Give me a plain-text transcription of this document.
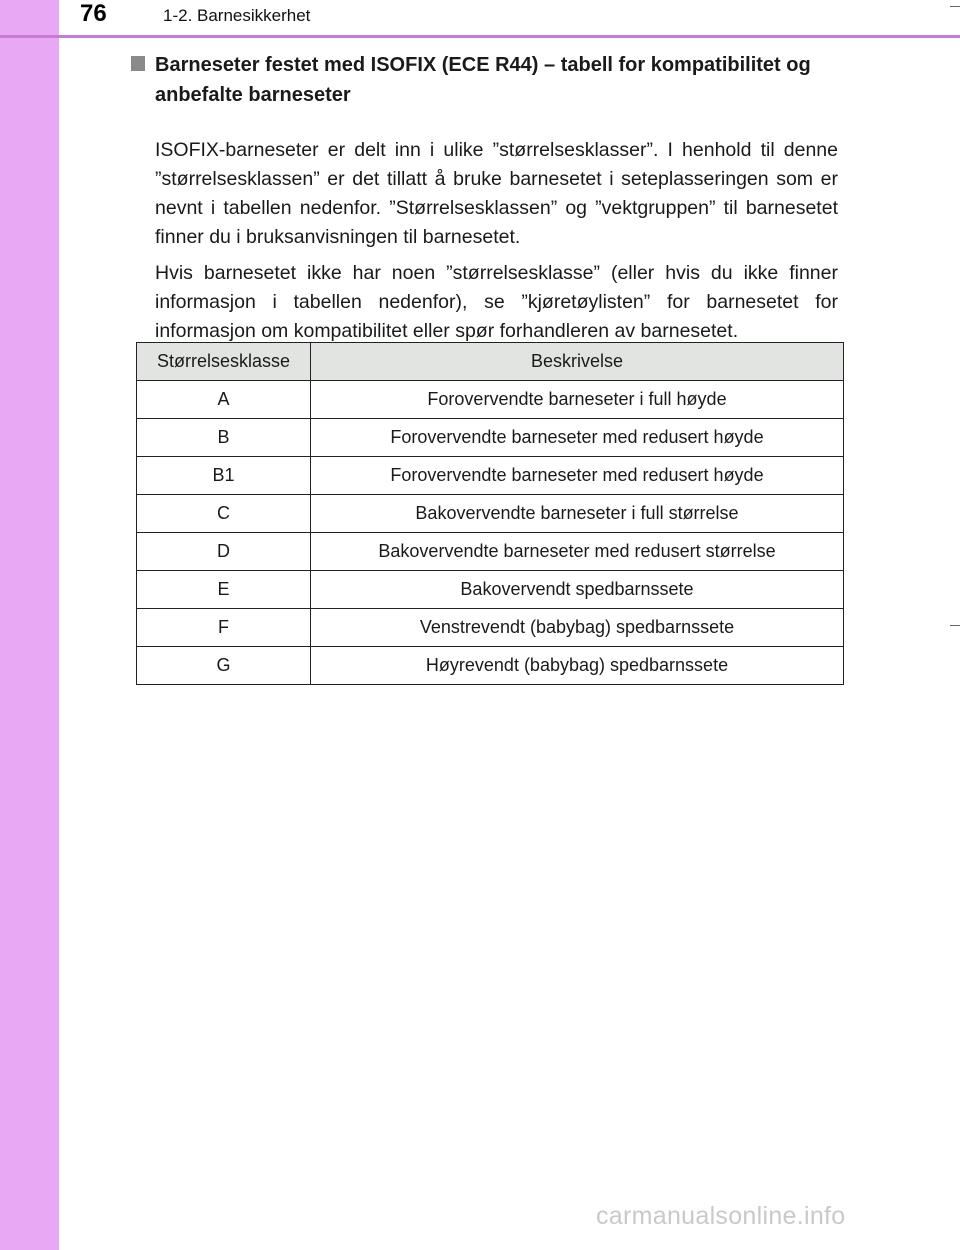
76	1-2. Barnesikkerhet
Barneseter festet med ISOFIX (ECE R44) – tabell for kompatibilitet og anbefalte barneseter

ISOFIX-barneseter er delt inn i ulike ”størrelsesklasser”. I henhold til denne ”størrelsesklassen” er det tillatt å bruke barnesetet i seteplasseringen som er nevnt i tabellen nedenfor. ”Størrelsesklassen” og ”vektgruppen” til barnesetet finner du i bruksanvisningen til barnesetet.

Hvis barnesetet ikke har noen ”størrelsesklasse” (eller hvis du ikke finner informasjon i tabellen nedenfor), se ”kjøretøylisten” for barnesetet for informasjon om kompatibilitet eller spør forhandleren av barnesetet.

Størrelsesklasse	Beskrivelse
A	Forovervendte barneseter i full høyde
B	Forovervendte barneseter med redusert høyde
B1	Forovervendte barneseter med redusert høyde
C	Bakovervendte barneseter i full størrelse
D	Bakovervendte barneseter med redusert størrelse
E	Bakovervendt spedbarnssete
F	Venstrevendt (babybag) spedbarnssete
G	Høyrevendt (babybag) spedbarnssete
carmanualsonline.info
